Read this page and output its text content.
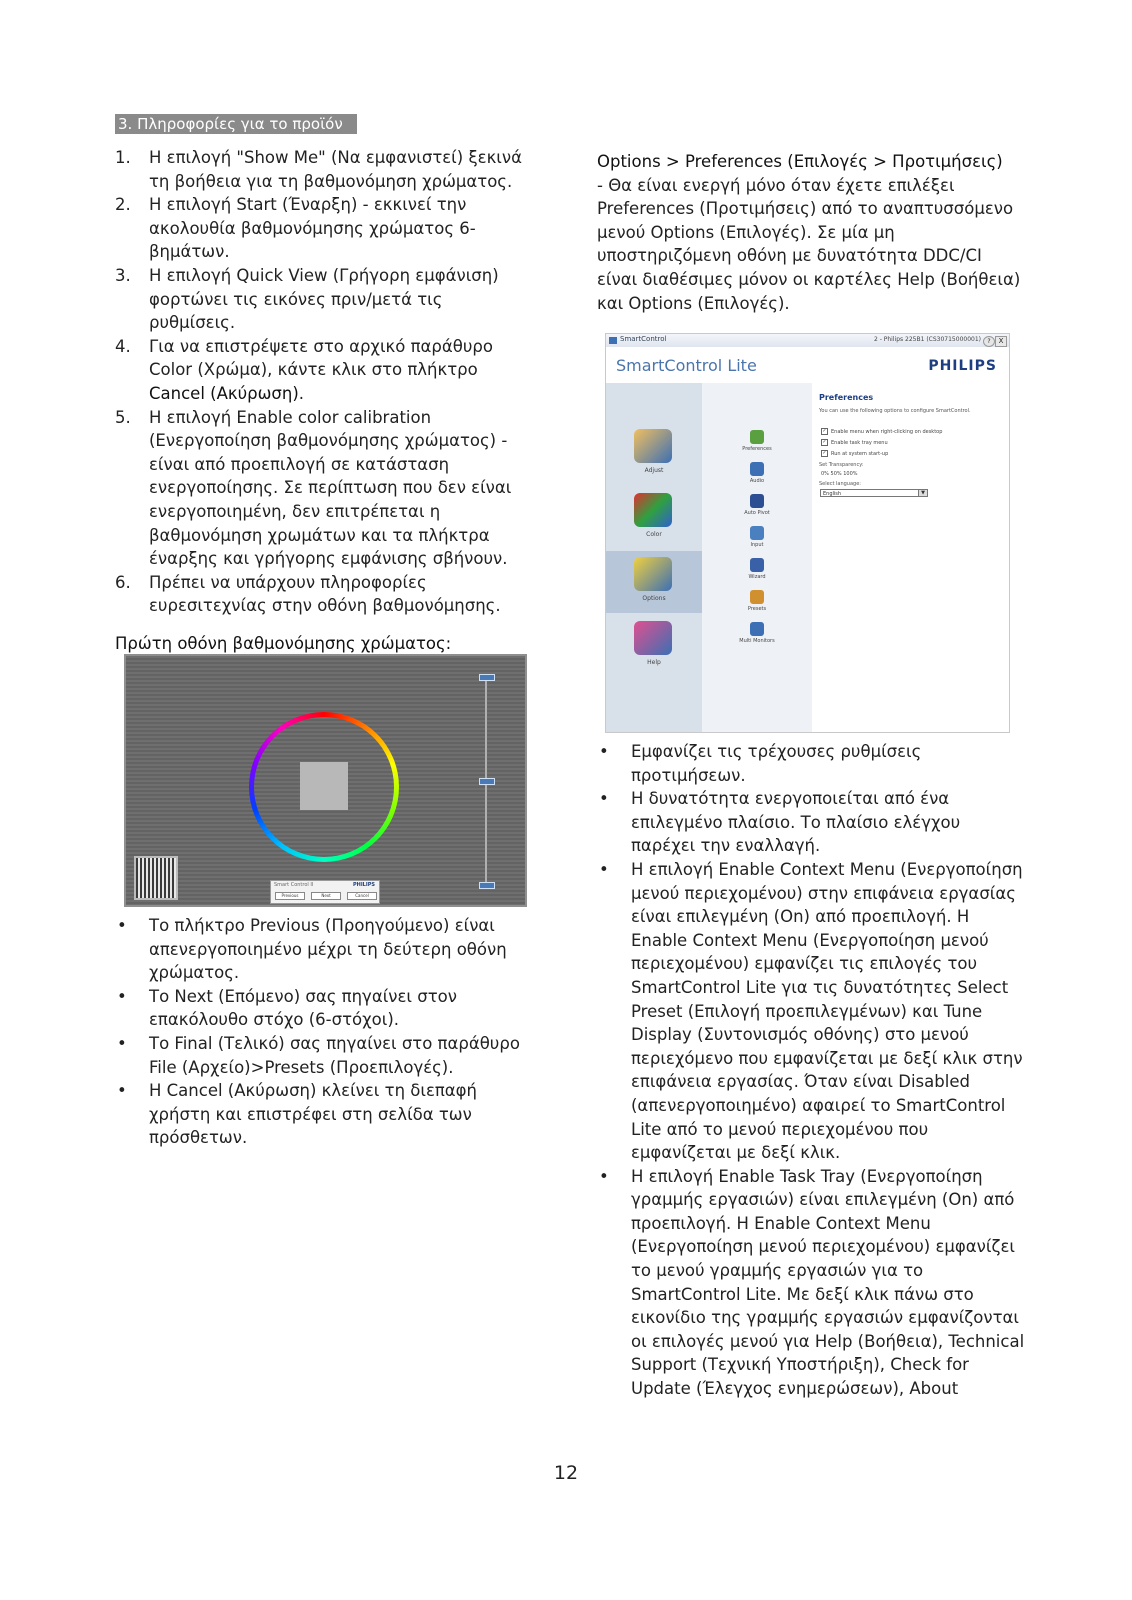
3. Πληροφορίες για το προϊόν
1. Η επιλογή "Show Me" (Να εμφανιστεί) ξεκινά τη βοήθεια για τη βαθμονόμηση χρώματος.
2. Η επιλογή Start (Έναρξη) - εκκινεί την ακολουθία βαθμονόμησης χρώματος 6-βημάτων.
3. Η επιλογή Quick View (Γρήγορη εμφάνιση) φορτώνει τις εικόνες πριν/μετά τις ρυθμίσεις.
4. Για να επιστρέψετε στο αρχικό παράθυρο Color (Χρώμα), κάντε κλικ στο πλήκτρο Cancel (Ακύρωση).
5. Η επιλογή Enable color calibration (Ενεργοποίηση βαθμονόμησης χρώματος) - είναι από προεπιλογή σε κατάσταση ενεργοποίησης. Σε περίπτωση που δεν είναι ενεργοποιημένη, δεν επιτρέπεται η βαθμονόμηση χρωμάτων και τα πλήκτρα έναρξης και γρήγορης εμφάνισης σβήνουν.
6. Πρέπει να υπάρχουν πληροφορίες ευρεσιτεχνίας στην οθόνη βαθμονόμησης.
Πρώτη οθόνη βαθμονόμησης χρώματος:
• Το πλήκτρο Previous (Προηγούμενο) είναι απενεργοποιημένο μέχρι τη δεύτερη οθόνη χρώματος.
• Το Next (Επόμενο) σας πηγαίνει στον επακόλουθο στόχο (6-στόχοι).
• Το Final (Τελικό) σας πηγαίνει στο παράθυρο File (Αρχείο)>Presets (Προεπιλογές).
• Η Cancel (Ακύρωση) κλείνει τη διεπαφή χρήστη και επιστρέφει στη σελίδα των πρόσθετων.
Smart Control II	PHILIPS
Previous	Next	Cancel
Options > Preferences (Επιλογές > Προτιμήσεις)
- Θα είναι ενεργή μόνο όταν έχετε επιλέξει Preferences (Προτιμήσεις) από το αναπτυσσόμενο μενού Options (Επιλογές). Σε μία μη υποστηριζόμενη οθόνη με δυνατότητα DDC/CI είναι διαθέσιμες μόνον οι καρτέλες Help (Βοήθεια) και Options (Επιλογές).
SmartControl	2 - Philips 225B1 (CS30715000001)	?	X
SmartControl Lite	PHILIPS
Adjust
Color
Options
Help
Preferences
Audio
Auto Pivot
Input
Wizard
Presets
Multi Monitors
Preferences
You can use the following options to configure SmartControl.
✓ Enable menu when right-clicking on desktop
✓ Enable task tray menu
✓ Run at system start-up
Set Transparency:
0% 50% 100%
Select language:
English	▼
• Εμφανίζει τις τρέχουσες ρυθμίσεις προτιμήσεων.
• Η δυνατότητα ενεργοποιείται από ένα επιλεγμένο πλαίσιο. Το πλαίσιο ελέγχου παρέχει την εναλλαγή.
• Η επιλογή Enable Context Menu (Ενεργοποίηση μενού περιεχομένου) στην επιφάνεια εργασίας είναι επιλεγμένη (On) από προεπιλογή. Η Enable Context Menu (Ενεργοποίηση μενού περιεχομένου) εμφανίζει τις επιλογές του SmartControl Lite για τις δυνατότητες Select Preset (Επιλογή προεπιλεγμένων) και Tune Display (Συντονισμός οθόνης) στο μενού περιεχόμενο που εμφανίζεται με δεξί κλικ στην επιφάνεια εργασίας. Όταν είναι Disabled (απενεργοποιημένο) αφαιρεί το SmartControl Lite από το μενού περιεχομένου που εμφανίζεται με δεξί κλικ.
• Η επιλογή Enable Task Tray (Ενεργοποίηση γραμμής εργασιών) είναι επιλεγμένη (On) από προεπιλογή. Η Enable Context Menu (Ενεργοποίηση μενού περιεχομένου) εμφανίζει το μενού γραμμής εργασιών για το SmartControl Lite. Με δεξί κλικ πάνω στο εικονίδιο της γραμμής εργασιών εμφανίζονται οι επιλογές μενού για Help (Βοήθεια), Technical Support (Τεχνική Υποστήριξη), Check for Update (Έλεγχος ενημερώσεων), About
12
